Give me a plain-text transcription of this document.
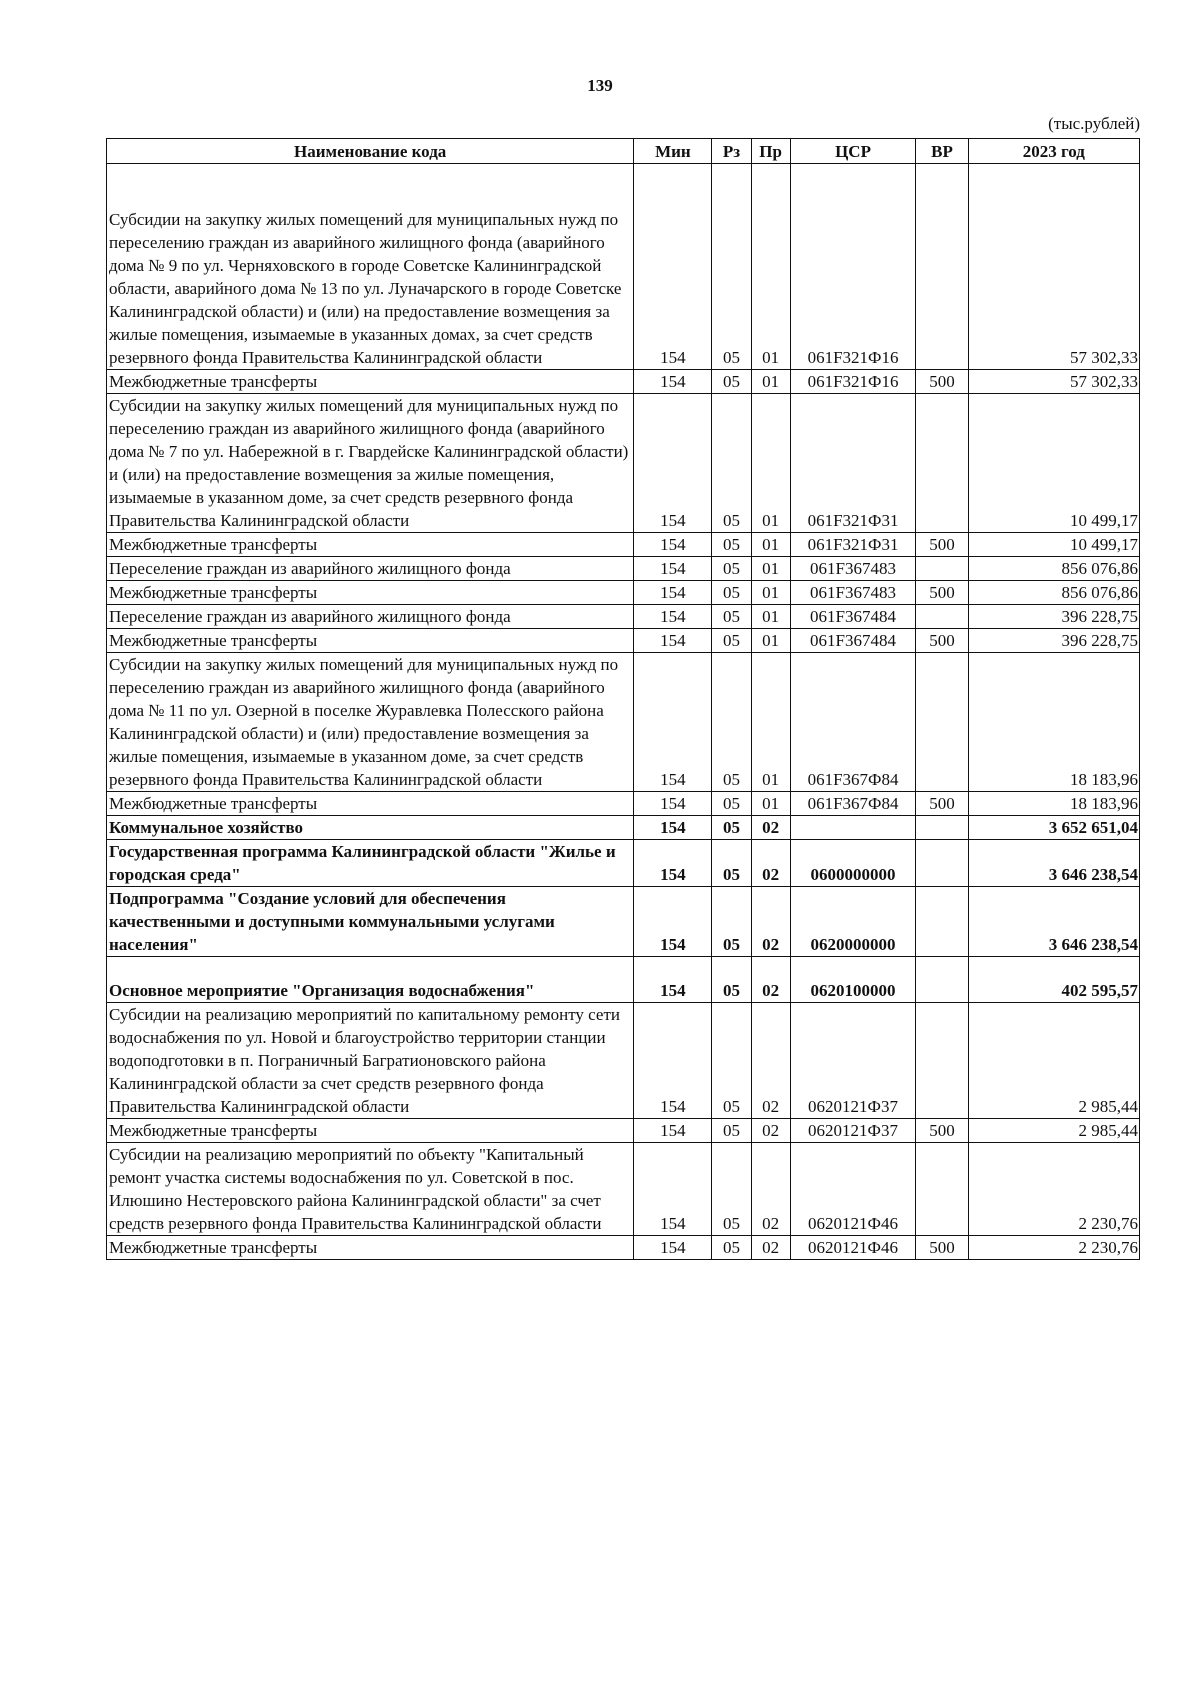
139
(тыс.рублей)
Наименование кода	Мин	Рз	Пр	ЦСР	ВР	2023 год
Субсидии на закупку жилых помещений для муниципальных нужд по переселению граждан из аварийного жилищного фонда (аварийного дома № 9 по ул. Черняховского в городе Советске Калининградской области, аварийного дома № 13 по ул. Луначарского в городе Советске Калининградской области) и (или) на предоставление возмещения за жилые помещения, изымаемые в указанных домах, за счет средств резервного фонда Правительства Калининградской области	154	05	01	061F321Ф16		57 302,33
Межбюджетные трансферты	154	05	01	061F321Ф16	500	57 302,33
Субсидии на закупку жилых помещений для муниципальных нужд по переселению граждан из аварийного жилищного фонда (аварийного дома № 7 по ул. Набережной в г. Гвардейске Калининградской области) и (или) на предоставление возмещения за жилые помещения, изымаемые в указанном доме, за счет средств резервного фонда Правительства Калининградской области	154	05	01	061F321Ф31		10 499,17
Межбюджетные трансферты	154	05	01	061F321Ф31	500	10 499,17
Переселение граждан из аварийного жилищного фонда	154	05	01	061F367483		856 076,86
Межбюджетные трансферты	154	05	01	061F367483	500	856 076,86
Переселение граждан из аварийного жилищного фонда	154	05	01	061F367484		396 228,75
Межбюджетные трансферты	154	05	01	061F367484	500	396 228,75
Субсидии на закупку жилых помещений для муниципальных нужд по переселению граждан из аварийного жилищного фонда (аварийного дома № 11 по ул. Озерной в поселке Журавлевка Полесского района Калининградской области) и (или) предоставление возмещения за жилые помещения, изымаемые в указанном доме, за счет средств резервного фонда Правительства Калининградской области	154	05	01	061F367Ф84		18 183,96
Межбюджетные трансферты	154	05	01	061F367Ф84	500	18 183,96
Коммунальное хозяйство	154	05	02			3 652 651,04
Государственная программа Калининградской области "Жилье и городская среда"	154	05	02	0600000000		3 646 238,54
Подпрограмма "Создание условий для обеспечения качественными и доступными коммунальными услугами населения"	154	05	02	0620000000		3 646 238,54
Основное мероприятие "Организация водоснабжения"	154	05	02	0620100000		402 595,57
Субсидии на реализацию мероприятий по капитальному ремонту сети водоснабжения по ул. Новой и благоустройство территории станции водоподготовки в п. Пограничный Багратионовского района Калининградской области за счет средств резервного фонда Правительства Калининградской области	154	05	02	0620121Ф37		2 985,44
Межбюджетные трансферты	154	05	02	0620121Ф37	500	2 985,44
Субсидии на реализацию мероприятий по объекту "Капитальный ремонт участка системы водоснабжения по ул. Советской в пос. Илюшино Нестеровского района Калининградской области" за счет средств резервного фонда Правительства Калининградской области	154	05	02	0620121Ф46		2 230,76
Межбюджетные трансферты	154	05	02	0620121Ф46	500	2 230,76
